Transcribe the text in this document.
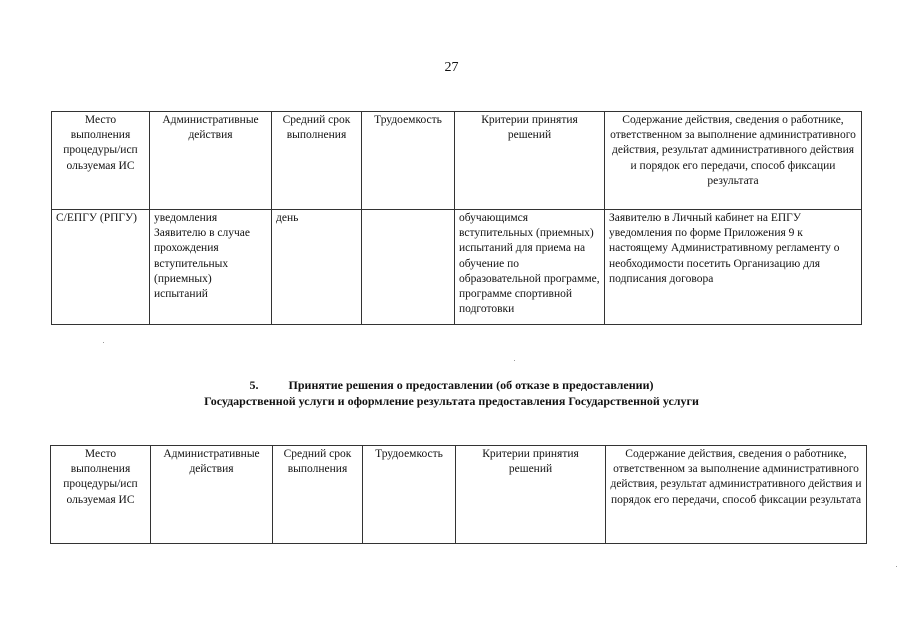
27
Место выполнения процедуры/исп ользуемая ИС	Административные действия	Средний срок выполнения	Трудоемкость	Критерии принятия решений	Содержание действия, сведения о работнике, ответственном за выполнение административного действия, результат административного действия и порядок его передачи, способ фиксации результата
С/ЕПГУ (РПГУ)	уведомления Заявителю в случае прохождения вступительных (приемных) испытаний	день		обучающимся вступительных (приемных) испытаний для приема на обучение по образовательной программе, программе спортивной подготовки	Заявителю в Личный кабинет на ЕПГУ уведомления по форме Приложения 9 к настоящему Административному регламенту о необходимости посетить Организацию для подписания договора
5.	Принятие решения о предоставлении (об отказе в предоставлении)
Государственной услуги и оформление результата предоставления Государственной услуги
Место выполнения процедуры/исп ользуемая ИС	Административные действия	Средний срок выполнения	Трудоемкость	Критерии принятия решений	Содержание действия, сведения о работнике, ответственном за выполнение административного действия, результат административного действия и порядок его передачи, способ фиксации результата
